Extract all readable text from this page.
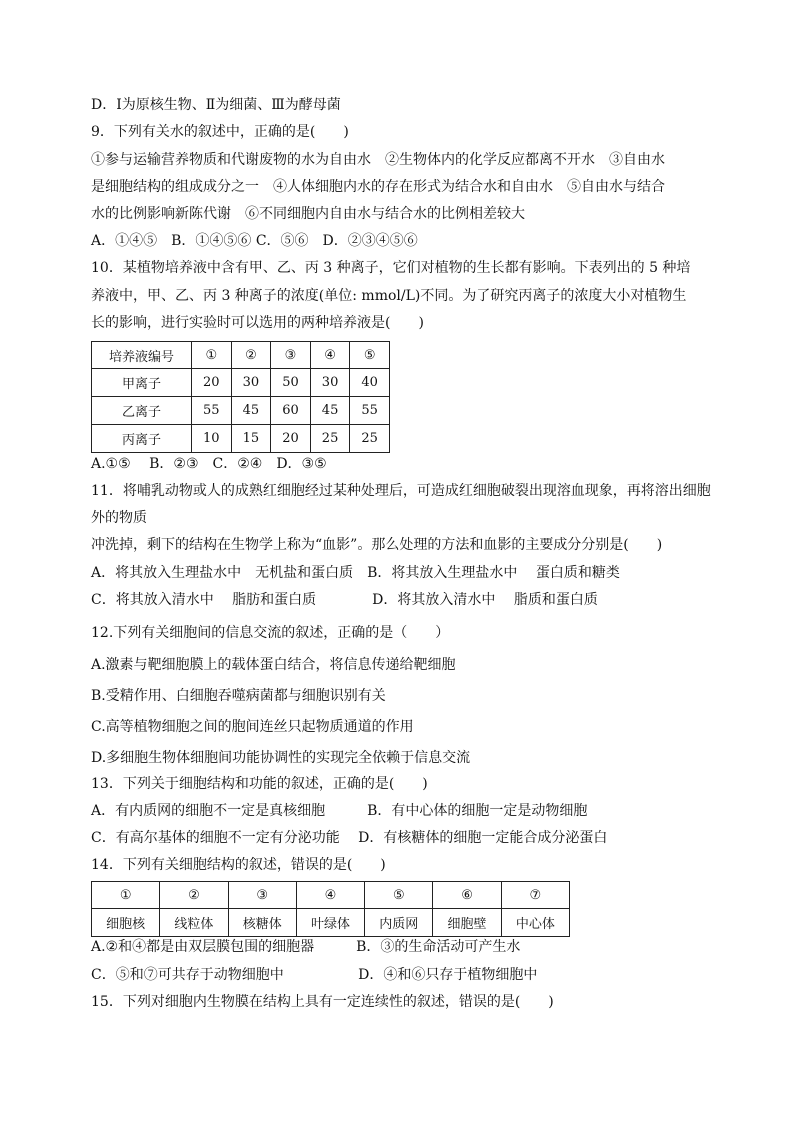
D．Ⅰ为原核生物、Ⅱ为细菌、Ⅲ为酵母菌
9．下列有关水的叙述中，正确的是(　　)
①参与运输营养物质和代谢废物的水为自由水　②生物体内的化学反应都离不开水　③自由水
是细胞结构的组成成分之一　④人体细胞内水的存在形式为结合水和自由水　⑤自由水与结合
水的比例影响新陈代谢　⑥不同细胞内自由水与结合水的比例相差较大
A．①④⑤　B．①④⑤⑥ C．⑤⑥　D．②③④⑤⑥
10．某植物培养液中含有甲、乙、丙 3 种离子，它们对植物的生长都有影响。下表列出的 5 种培
养液中，甲、乙、丙 3 种离子的浓度(单位: mmol/L)不同。为了研究丙离子的浓度大小对植物生
长的影响，进行实验时可以选用的两种培养液是(　　)
培养液编号	①	②	③	④	⑤
甲离子	20	30	50	30	40
乙离子	55	45	60	45	55
丙离子	10	15	20	25	25
A.①⑤　 B．②③　C．②④　D．③⑤
11．将哺乳动物或人的成熟红细胞经过某种处理后，可造成红细胞破裂出现溶血现象，再将溶出细胞
外的物质
冲洗掉，剩下的结构在生物学上称为“血影”。那么处理的方法和血影的主要成分分别是(　　)
A．将其放入生理盐水中　无机盐和蛋白质　B．将其放入生理盐水中　 蛋白质和糖类
C．将其放入清水中　 脂肪和蛋白质　　　　D．将其放入清水中　 脂质和蛋白质
12.下列有关细胞间的信息交流的叙述，正确的是（　　）
A.激素与靶细胞膜上的载体蛋白结合，将信息传递给靶细胞
B.受精作用、白细胞吞噬病菌都与细胞识别有关
C.高等植物细胞之间的胞间连丝只起物质通道的作用
D.多细胞生物体细胞间功能协调性的实现完全依赖于信息交流
13．下列关于细胞结构和功能的叙述，正确的是(　　)
A．有内质网的细胞不一定是真核细胞　　　B．有中心体的细胞一定是动物细胞
C．有高尔基体的细胞不一定有分泌功能　 D．有核糖体的细胞一定能合成分泌蛋白
14．下列有关细胞结构的叙述，错误的是(　　)
①	②	③	④	⑤	⑥	⑦
细胞核	线粒体	核糖体	叶绿体	内质网	细胞壁	中心体
A.②和④都是由双层膜包围的细胞器　　　B．③的生命活动可产生水
C．⑤和⑦可共存于动物细胞中　　　　　 D．④和⑥只存于植物细胞中
15．下列对细胞内生物膜在结构上具有一定连续性的叙述，错误的是(　　)
